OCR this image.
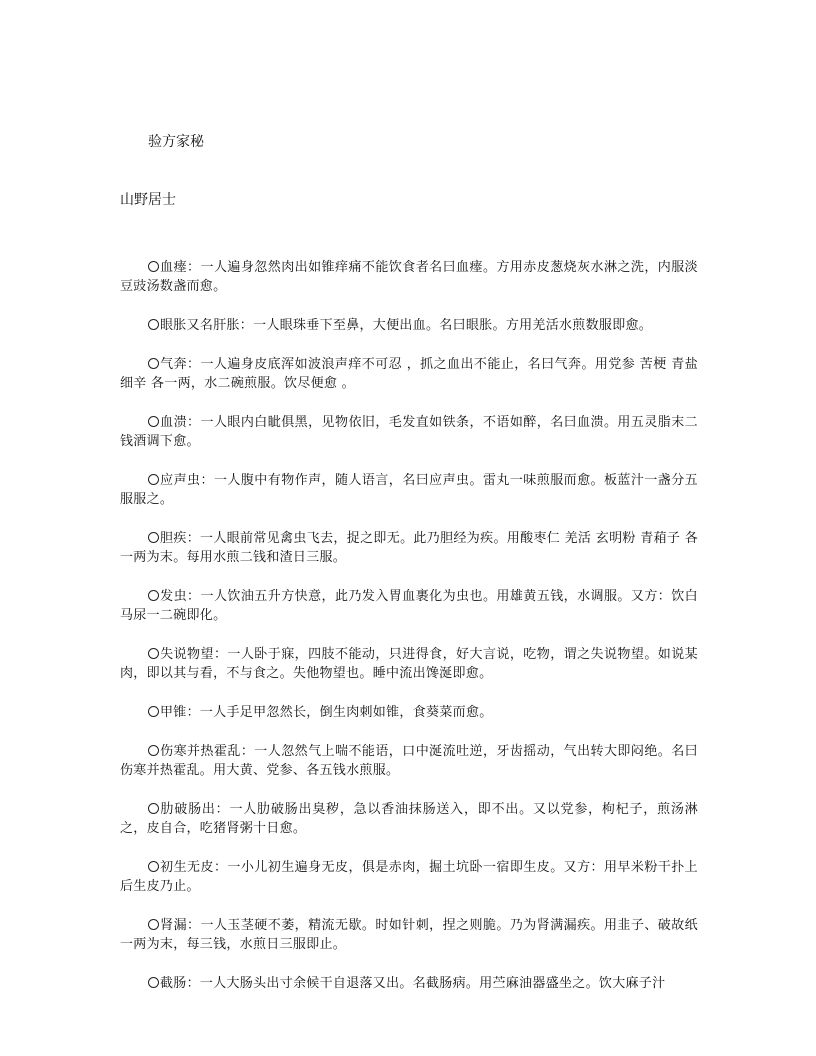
验方家秘

山野居士

血瘗：一人遍身忽然肉出如锥痒痛不能饮食者名曰血瘗。方用赤皮葱烧灰水淋之洗，内服淡豆豉汤数盏而愈。

眼胀又名肝胀：一人眼珠垂下至鼻，大便出血。名曰眼胀。方用羌活水煎数服即愈。

气奔：一人遍身皮底浑如波浪声痒不可忍 ，抓之血出不能止，名曰气奔。用党参 苦梗 青盐 细辛 各一两，水二碗煎服。饮尽便愈 。

血溃：一人眼内白眦俱黑，见物依旧，毛发直如铁条，不语如醉，名曰血溃。用五灵脂末二钱酒调下愈。

应声虫：一人腹中有物作声，随人语言，名曰应声虫。雷丸一味煎服而愈。板蓝汁一盏分五服服之。

胆疾：一人眼前常见禽虫飞去，捉之即无。此乃胆经为疾。用酸枣仁 羌活 玄明粉 青葙子 各一两为末。每用水煎二钱和渣日三服。

发虫：一人饮油五升方快意，此乃发入胃血裹化为虫也。用雄黄五钱，水调服。又方：饮白马尿一二碗即化。

失说物望：一人卧于寐，四肢不能动，只进得食，好大言说，吃物，谓之失说物望。如说某肉，即以其与看，不与食之。失他物望也。睡中流出馋涎即愈。

甲锥：一人手足甲忽然长，倒生肉刺如锥，食葵菜而愈。

伤寒并热霍乱：一人忽然气上喘不能语，口中涎流吐逆，牙齿摇动，气出转大即闷绝。名曰伤寒并热霍乱。用大黄、党参、各五钱水煎服。

肋破肠出：一人肋破肠出臭秽，急以香油抹肠送入，即不出。又以党参，枸杞子，煎汤淋之，皮自合，吃猪肾粥十日愈。

初生无皮：一小儿初生遍身无皮，俱是赤肉，掘土坑卧一宿即生皮。又方：用早米粉干扑上后生皮乃止。

肾漏：一人玉茎硬不萎，精流无歇。时如针刺，捏之则脆。乃为肾满漏疾。用韭子、破故纸一两为末，每三钱，水煎日三服即止。

截肠：一人大肠头出寸余候干自退落又出。名截肠病。用苎麻油器盛坐之。饮大麻子汁
